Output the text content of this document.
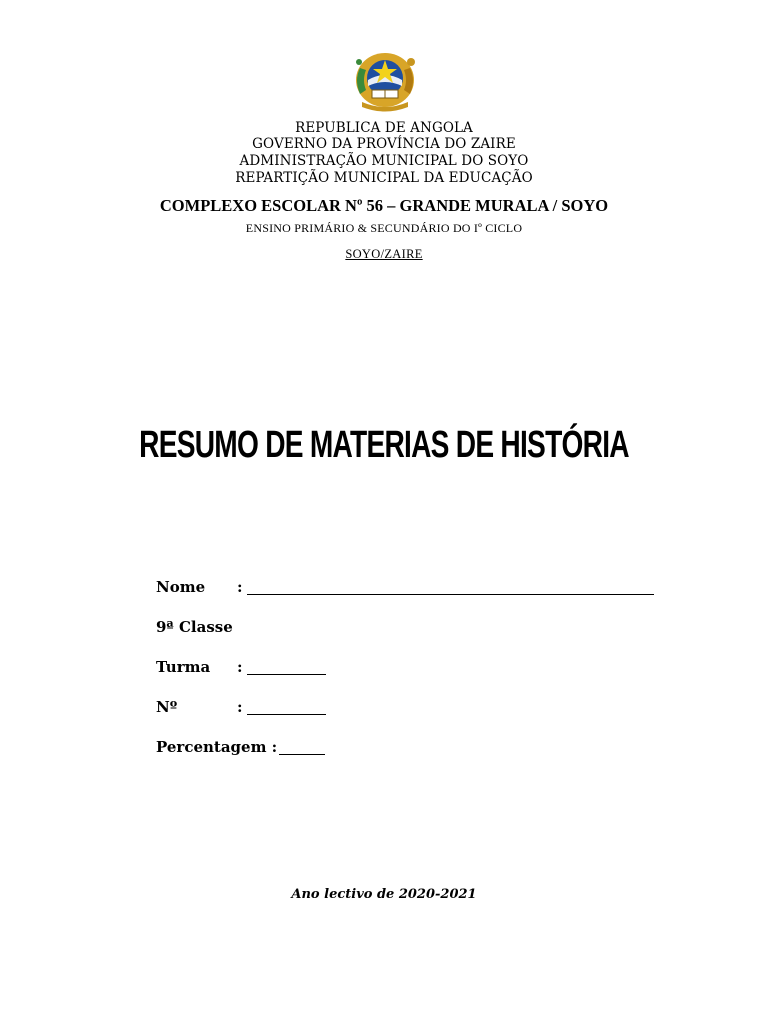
REPUBLICA DE ANGOLA
GOVERNO DA PROVÍNCIA DO ZAIRE
ADMINISTRAÇÃO MUNICIPAL DO SOYO
REPARTIÇÃO MUNICIPAL DA EDUCAÇÃO
COMPLEXO ESCOLAR Nº 56 – GRANDE MURALA / SOYO
ENSINO PRIMÁRIO & SECUNDÁRIO DO Iº CICLO
SOYO/ZAIRE
RESUMO DE MATERIAS DE HISTÓRIA
Nome :
9ª Classe
Turma :
Nº	:
Percentagem :
Ano lectivo de 2020-2021
